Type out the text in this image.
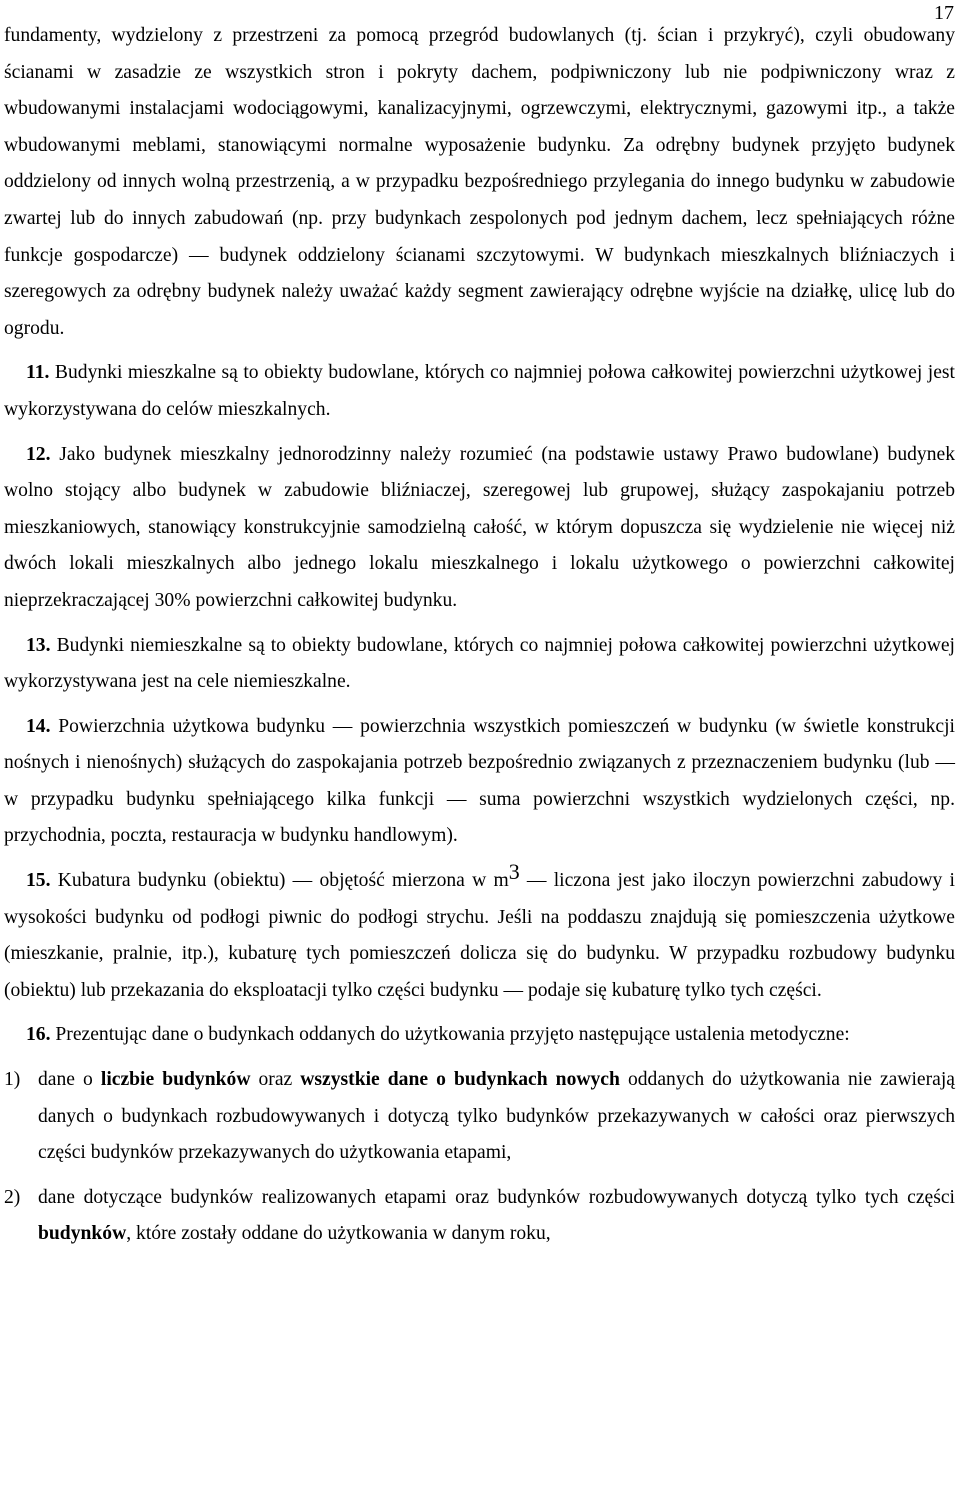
17

fundamenty, wydzielony z przestrzeni za pomocą przegród budowlanych (tj. ścian i przykryć), czyli obudowany ścianami w zasadzie ze wszystkich stron i pokryty dachem, podpiwniczony lub nie podpiwniczony wraz z wbudowanymi instalacjami wodociągowymi, kanalizacyjnymi, ogrzewczymi, elektrycznymi, gazowymi itp., a także wbudowanymi meblami, stanowiącymi normalne wyposażenie budynku. Za odrębny budynek przyjęto budynek oddzielony od innych wolną przestrzenią, a w przypadku bezpośredniego przylegania do innego budynku w zabudowie zwartej lub do innych zabudowań (np. przy budynkach zespolonych pod jednym dachem, lecz spełniających różne funkcje gospodarcze) — budynek oddzielony ścianami szczytowymi. W budynkach mieszkalnych bliźniaczych i szeregowych za odrębny budynek należy uważać każdy segment zawierający odrębne wyjście na działkę, ulicę lub do ogrodu.

11. Budynki mieszkalne są to obiekty budowlane, których co najmniej połowa całkowitej powierzchni użytkowej jest wykorzystywana do celów mieszkalnych.

12. Jako budynek mieszkalny jednorodzinny należy rozumieć (na podstawie ustawy Prawo budowlane) budynek wolno stojący albo budynek w zabudowie bliźniaczej, szeregowej lub grupowej, służący zaspokajaniu potrzeb mieszkaniowych, stanowiący konstrukcyjnie samodzielną całość, w którym dopuszcza się wydzielenie nie więcej niż dwóch lokali mieszkalnych albo jednego lokalu mieszkalnego i lokalu użytkowego o powierzchni całkowitej nieprzekraczającej 30% powierzchni całkowitej budynku.

13. Budynki niemieszkalne są to obiekty budowlane, których co najmniej połowa całkowitej powierzchni użytkowej wykorzystywana jest na cele niemieszkalne.

14. Powierzchnia użytkowa budynku — powierzchnia wszystkich pomieszczeń w budynku (w świetle konstrukcji nośnych i nienośnych) służących do zaspokajania potrzeb bezpośrednio związanych z przeznaczeniem budynku (lub — w przypadku budynku spełniającego kilka funkcji — suma powierzchni wszystkich wydzielonych części, np. przychodnia, poczta, restauracja w budynku handlowym).

15. Kubatura budynku (obiektu) — objętość mierzona w m3 — liczona jest jako iloczyn powierzchni zabudowy i wysokości budynku od podłogi piwnic do podłogi strychu. Jeśli na poddaszu znajdują się pomieszczenia użytkowe (mieszkanie, pralnie, itp.), kubaturę tych pomieszczeń dolicza się do budynku. W przypadku rozbudowy budynku (obiektu) lub przekazania do eksploatacji tylko części budynku — podaje się kubaturę tylko tych części.

16. Prezentując dane o budynkach oddanych do użytkowania przyjęto następujące ustalenia metodyczne:

1) dane o liczbie budynków oraz wszystkie dane o budynkach nowych oddanych do użytkowania nie zawierają danych o budynkach rozbudowywanych i dotyczą tylko budynków przekazywanych w całości oraz pierwszych części budynków przekazywanych do użytkowania etapami,
2) dane dotyczące budynków realizowanych etapami oraz budynków rozbudowywanych dotyczą tylko tych części budynków, które zostały oddane do użytkowania w danym roku,
